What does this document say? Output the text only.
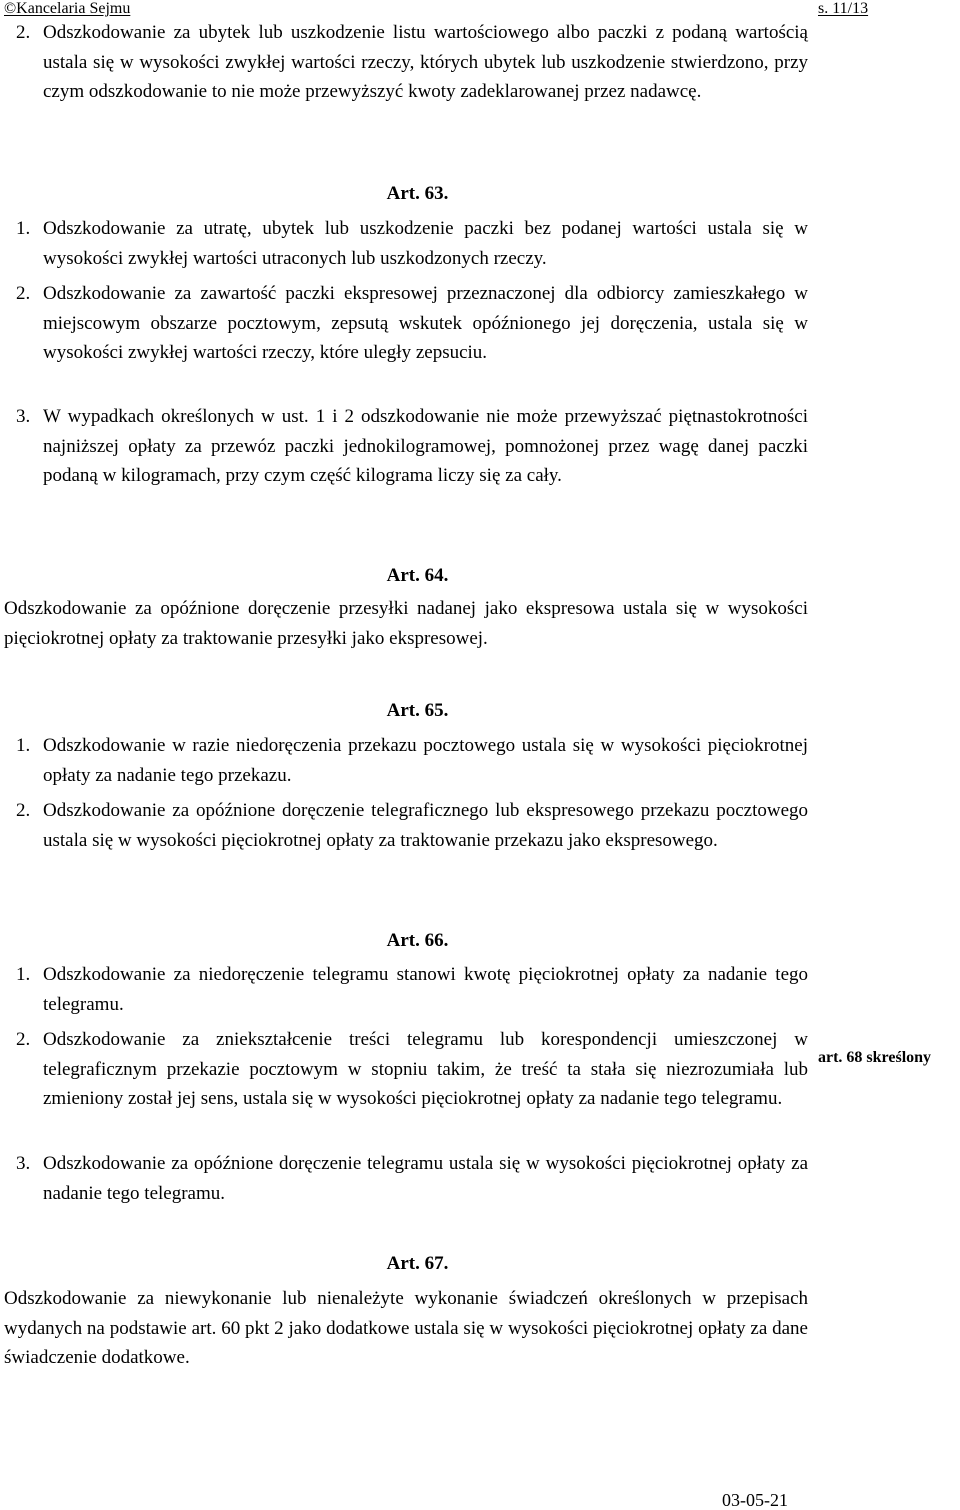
©Kancelaria Sejmu	s. 11/13
2. Odszkodowanie za ubytek lub uszkodzenie listu wartościowego albo paczki z podaną wartością ustala się w wysokości zwykłej wartości rzeczy, których ubytek lub uszkodzenie stwierdzono, przy czym odszkodowanie to nie może przewyższyć kwoty zadeklarowanej przez nadawcę.
Art. 63.
1. Odszkodowanie za utratę, ubytek lub uszkodzenie paczki bez podanej wartości ustala się w wysokości zwykłej wartości utraconych lub uszkodzonych rzeczy.
2. Odszkodowanie za zawartość paczki ekspresowej przeznaczonej dla odbiorcy zamieszkałego w miejscowym obszarze pocztowym, zepsutą wskutek opóźnionego jej doręczenia, ustala się w wysokości zwykłej wartości rzeczy, które uległy zepsuciu.
3. W wypadkach określonych w ust. 1 i 2 odszkodowanie nie może przewyższać piętnastokrotności najniższej opłaty za przewóz paczki jednokilogramowej, pomnożonej przez wagę danej paczki podaną w kilogramach, przy czym część kilograma liczy się za cały.
Art. 64.
Odszkodowanie za opóźnione doręczenie przesyłki nadanej jako ekspresowa ustala się w wysokości pięciokrotnej opłaty za traktowanie przesyłki jako ekspresowej.
Art. 65.
1. Odszkodowanie w razie niedoręczenia przekazu pocztowego ustala się w wysokości pięciokrotnej opłaty za nadanie tego przekazu.
2. Odszkodowanie za opóźnione doręczenie telegraficznego lub ekspresowego przekazu pocztowego ustala się w wysokości pięciokrotnej opłaty za traktowanie przekazu jako ekspresowego.
Art. 66.
1. Odszkodowanie za niedoręczenie telegramu stanowi kwotę pięciokrotnej opłaty za nadanie tego telegramu.
2. Odszkodowanie za zniekształcenie treści telegramu lub korespondencji umieszczonej w telegraficznym przekazie pocztowym w stopniu takim, że treść ta stała się niezrozumiała lub zmieniony został jej sens, ustala się w wysokości pięciokrotnej opłaty za nadanie tego telegramu.
art. 68 skreślony
3. Odszkodowanie za opóźnione doręczenie telegramu ustala się w wysokości pięciokrotnej opłaty za nadanie tego telegramu.
Art. 67.
Odszkodowanie za niewykonanie lub nienależyte wykonanie świadczeń określonych w przepisach wydanych na podstawie art. 60 pkt 2 jako dodatkowe ustala się w wysokości pięciokrotnej opłaty za dane świadczenie dodatkowe.
03-05-21
